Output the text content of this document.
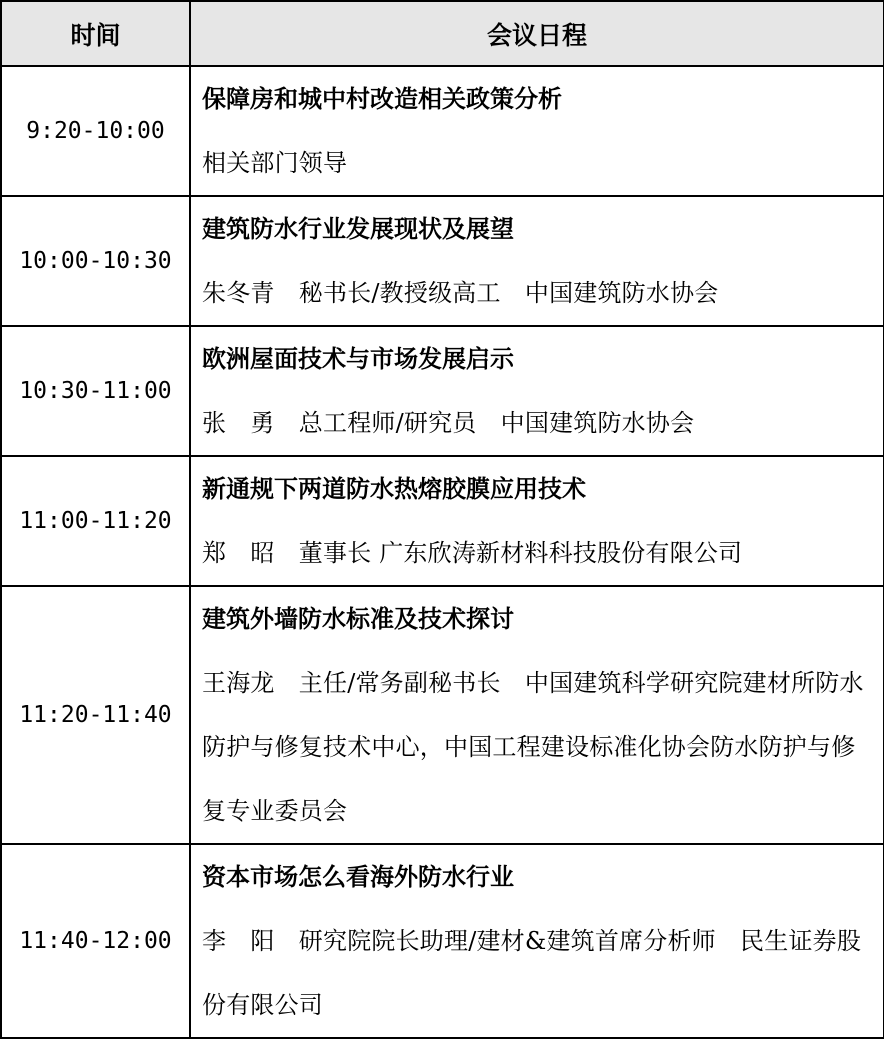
时间	会议日程
9:20-10:00	保障房和城中村改造相关政策分析
相关部门领导

10:00-10:30	建筑防水行业发展现状及展望
朱冬青　秘书长/教授级高工　中国建筑防水协会

10:30-11:00	欧洲屋面技术与市场发展启示
张　勇　总工程师/研究员　中国建筑防水协会

11:00-11:20	新通规下两道防水热熔胶膜应用技术
郑　昭　董事长 广东欣涛新材料科技股份有限公司

11:20-11:40	建筑外墙防水标准及技术探讨
王海龙　主任/常务副秘书长　中国建筑科学研究院建材所防水防护与修复技术中心，中国工程建设标准化协会防水防护与修复专业委员会

11:40-12:00	资本市场怎么看海外防水行业
李　阳　研究院院长助理/建材&建筑首席分析师　民生证券股份有限公司
